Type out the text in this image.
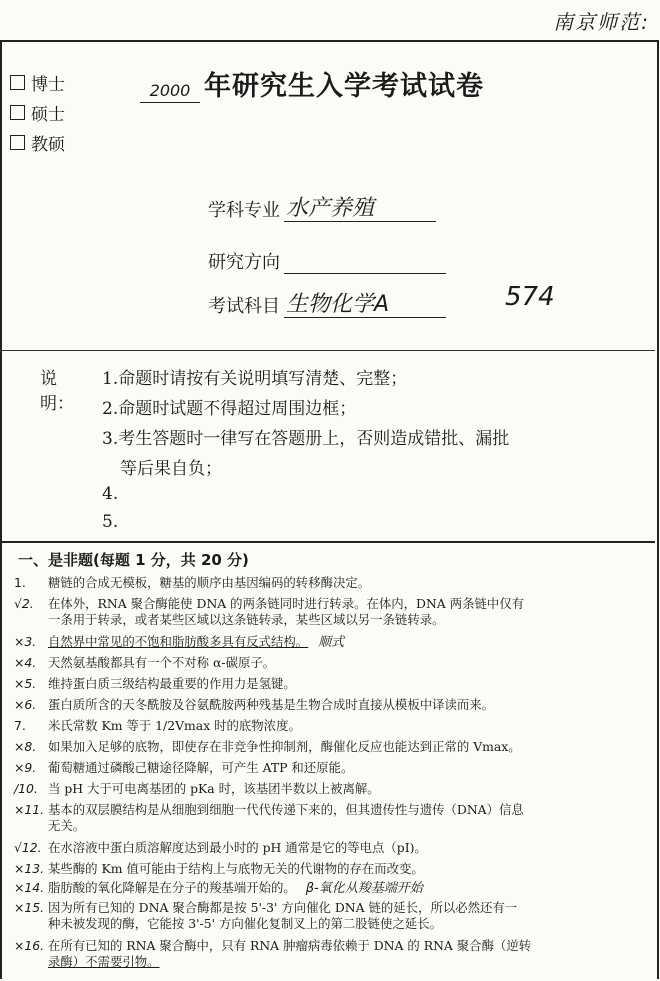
南京师范:
博士
硕士
教硕
2000 年研究生入学考试试卷
学科专业 水产养殖
研究方向
考试科目 生物化学A	574
说明：
1.命题时请按有关说明填写清楚、完整；
2.命题时试题不得超过周围边框；
3.考生答题时一律写在答题册上，否则造成错批、漏批
等后果自负；
4.
5.
一、是非题(每题 1 分，共 20 分)
1. 糖链的合成无模板，糖基的顺序由基因编码的转移酶决定。
√2. 在体外，RNA 聚合酶能使 DNA 的两条链同时进行转录。在体内，DNA 两条链中仅有
一条用于转录，或者某些区域以这条链转录，某些区域以另一条链转录。
×3. 自然界中常见的不饱和脂肪酸多具有反式结构。 顺式
×4. 天然氨基酸都具有一个不对称 α-碳原子。
×5. 维持蛋白质三级结构最重要的作用力是氢键。
×6. 蛋白质所含的天冬酰胺及谷氨酰胺两种残基是生物合成时直接从模板中译读而来。
7. 米氏常数 Km 等于 1/2Vmax 时的底物浓度。
×8. 如果加入足够的底物，即使存在非竞争性抑制剂，酶催化反应也能达到正常的 Vmax。
×9. 葡萄糖通过磷酸己糖途径降解，可产生 ATP 和还原能。
/10. 当 pH 大于可电离基团的 pKa 时，该基团半数以上被离解。
×11. 基本的双层膜结构是从细胞到细胞一代代传递下来的，但其遗传性与遗传（DNA）信息
无关。
√12. 在水溶液中蛋白质溶解度达到最小时的 pH 通常是它的等电点（pI)。
×13. 某些酶的 Km 值可能由于结构上与底物无关的代谢物的存在而改变。
×14. 脂肪酸的氧化降解是在分子的羧基端开始的。 β-氧化从羧基端开始
×15. 因为所有已知的 DNA 聚合酶都是按 5'-3' 方向催化 DNA 链的延长，所以必然还有一
种未被发现的酶，它能按 3'-5' 方向催化复制叉上的第二股链使之延长。
×16. 在所有已知的 RNA 聚合酶中，只有 RNA 肿瘤病毒依赖于 DNA 的 RNA 聚合酶（逆转
录酶）不需要引物。
